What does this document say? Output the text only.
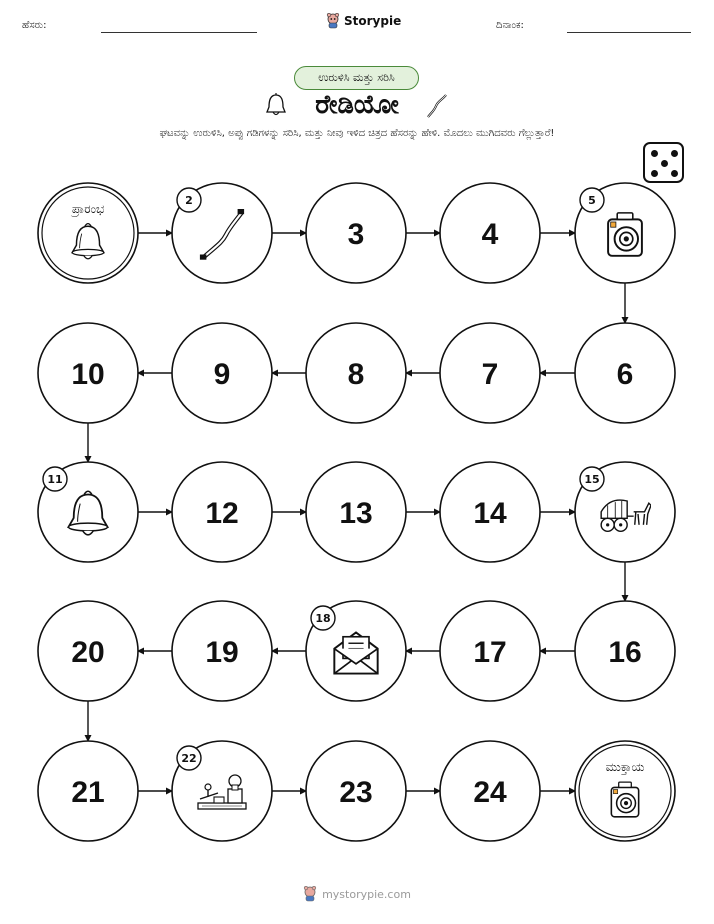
ಹೆಸರು:	Storypie	ದಿನಾಂಕ:
ಉರುಳಿಸಿ ಮತ್ತು ಸರಿಸಿ
ರೇಡಿಯೋ
ಘಟವನ್ನು ಉರುಳಿಸಿ, ಅಪ್ಪು ಗಡಿಗಳನ್ನು ಸರಿಸಿ, ಮತ್ತು ನೀವು ಇಳಿದ ಚಿತ್ರದ ಹೆಸರನ್ನು ಹೇಳಿ. ಮೊದಲು ಮುಗಿದವರು ಗೆಲ್ಲುತ್ತಾರೆ!
ಪ್ರಾರಂಭ
2
3	4
5
6
7
8
9
10
11
12	13	14
15
16
17
18
19
20
21
22
23	24
ಮುಕ್ತಾಯ
mystorypie.com
